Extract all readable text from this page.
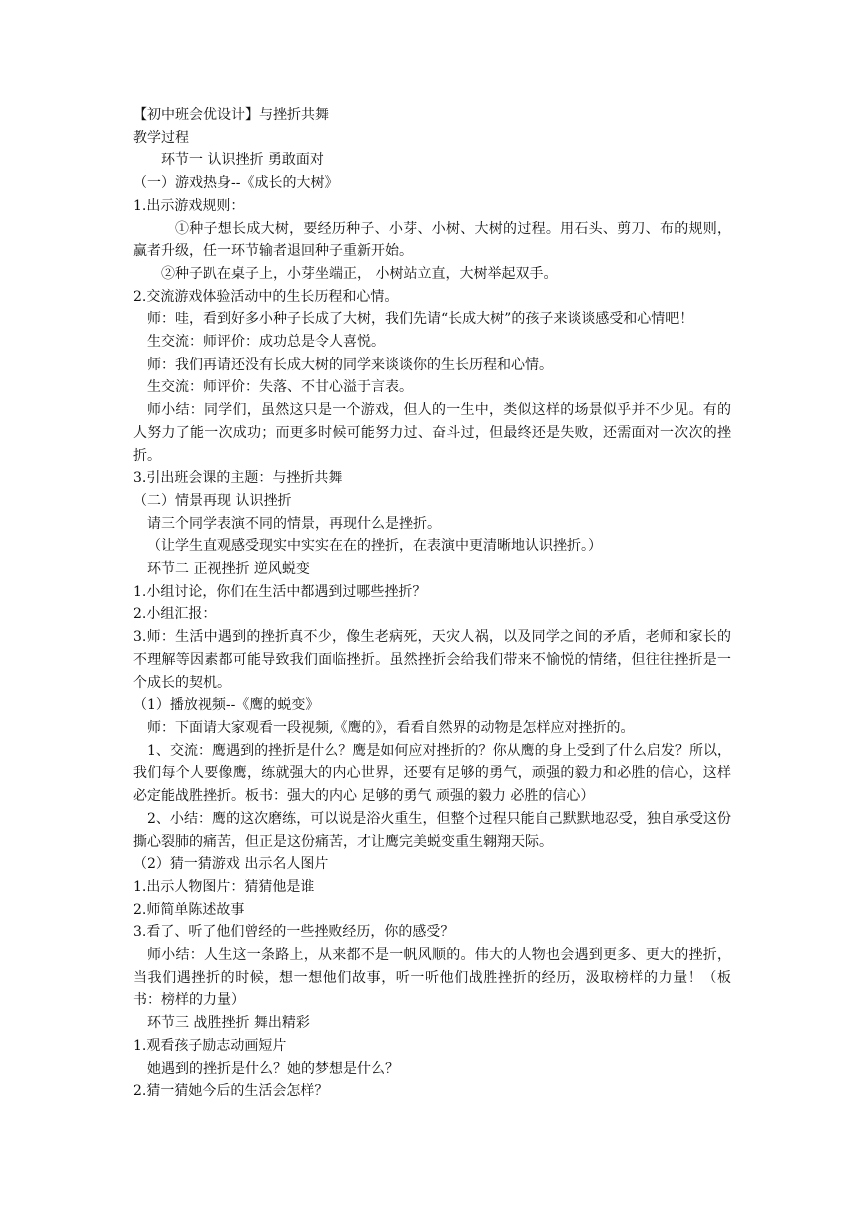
【初中班会优设计】与挫折共舞

教学过程

环节一 认识挫折 勇敢面对

（一）游戏热身--《成长的大树》

1.出示游戏规则：

①种子想长成大树，要经历种子、小芽、小树、大树的过程。用石头、剪刀、布的规则，赢者升级，任一环节输者退回种子重新开始。

②种子趴在桌子上，小芽坐端正， 小树站立直，大树举起双手。

2.交流游戏体验活动中的生长历程和心情。

师：哇，看到好多小种子长成了大树，我们先请“长成大树”的孩子来谈谈感受和心情吧！

生交流：师评价：成功总是令人喜悦。

师：我们再请还没有长成大树的同学来谈谈你的生长历程和心情。

生交流：师评价：失落、不甘心溢于言表。

师小结：同学们，虽然这只是一个游戏，但人的一生中，类似这样的场景似乎并不少见。有的人努力了能一次成功；而更多时候可能努力过、奋斗过，但最终还是失败，还需面对一次次的挫折。

3.引出班会课的主题：与挫折共舞

（二）情景再现 认识挫折

请三个同学表演不同的情景，再现什么是挫折。

（让学生直观感受现实中实实在在的挫折，在表演中更清晰地认识挫折。）

环节二 正视挫折 逆风蜕变

1.小组讨论，你们在生活中都遇到过哪些挫折？

2.小组汇报：

3.师：生活中遇到的挫折真不少，像生老病死，天灾人祸，以及同学之间的矛盾，老师和家长的不理解等因素都可能导致我们面临挫折。虽然挫折会给我们带来不愉悦的情绪，但往往挫折是一个成长的契机。

（1）播放视频--《鹰的蜕变》

师：下面请大家观看一段视频,《鹰的》，看看自然界的动物是怎样应对挫折的。

1、交流：鹰遇到的挫折是什么？鹰是如何应对挫折的？你从鹰的身上受到了什么启发？所以，我们每个人要像鹰，练就强大的内心世界，还要有足够的勇气，顽强的毅力和必胜的信心，这样必定能战胜挫折。板书：强大的内心 足够的勇气 顽强的毅力 必胜的信心）

2、小结：鹰的这次磨练，可以说是浴火重生，但整个过程只能自己默默地忍受，独自承受这份撕心裂肺的痛苦，但正是这份痛苦，才让鹰完美蜕变重生翱翔天际。

（2）猜一猜游戏 出示名人图片

1.出示人物图片：猜猜他是谁

2.师简单陈述故事

3.看了、听了他们曾经的一些挫败经历，你的感受？

师小结：人生这一条路上，从来都不是一帆风顺的。伟大的人物也会遇到更多、更大的挫折，当我们遇挫折的时候，想一想他们故事，听一听他们战胜挫折的经历，汲取榜样的力量！（板书：榜样的力量）

环节三 战胜挫折 舞出精彩

1.观看孩子励志动画短片

她遇到的挫折是什么？她的梦想是什么？

2.猜一猜她今后的生活会怎样？
